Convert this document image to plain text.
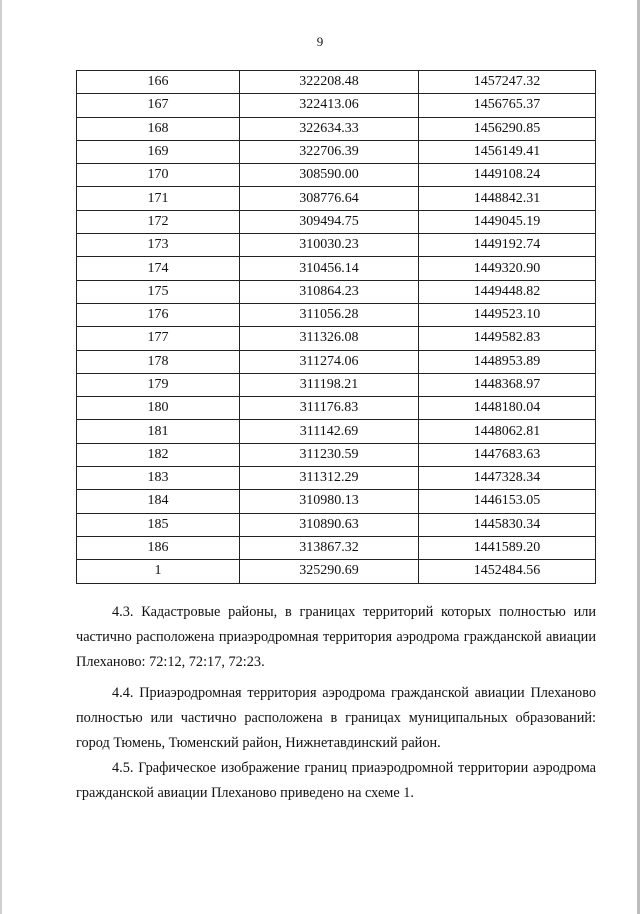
9
166	322208.48	1457247.32
167	322413.06	1456765.37
168	322634.33	1456290.85
169	322706.39	1456149.41
170	308590.00	1449108.24
171	308776.64	1448842.31
172	309494.75	1449045.19
173	310030.23	1449192.74
174	310456.14	1449320.90
175	310864.23	1449448.82
176	311056.28	1449523.10
177	311326.08	1449582.83
178	311274.06	1448953.89
179	311198.21	1448368.97
180	311176.83	1448180.04
181	311142.69	1448062.81
182	311230.59	1447683.63
183	311312.29	1447328.34
184	310980.13	1446153.05
185	310890.63	1445830.34
186	313867.32	1441589.20
1	325290.69	1452484.56
4.3. Кадастровые районы, в границах территорий которых полностью или частично расположена приаэродромная территория аэродрома гражданской авиации Плеханово: 72:12, 72:17, 72:23.
4.4. Приаэродромная территория аэродрома гражданской авиации Плеханово полностью или частично расположена в границах муниципальных образований: город Тюмень, Тюменский район, Нижнетавдинский район.
4.5. Графическое изображение границ приаэродромной территории аэродрома гражданской авиации Плеханово приведено на схеме 1.
